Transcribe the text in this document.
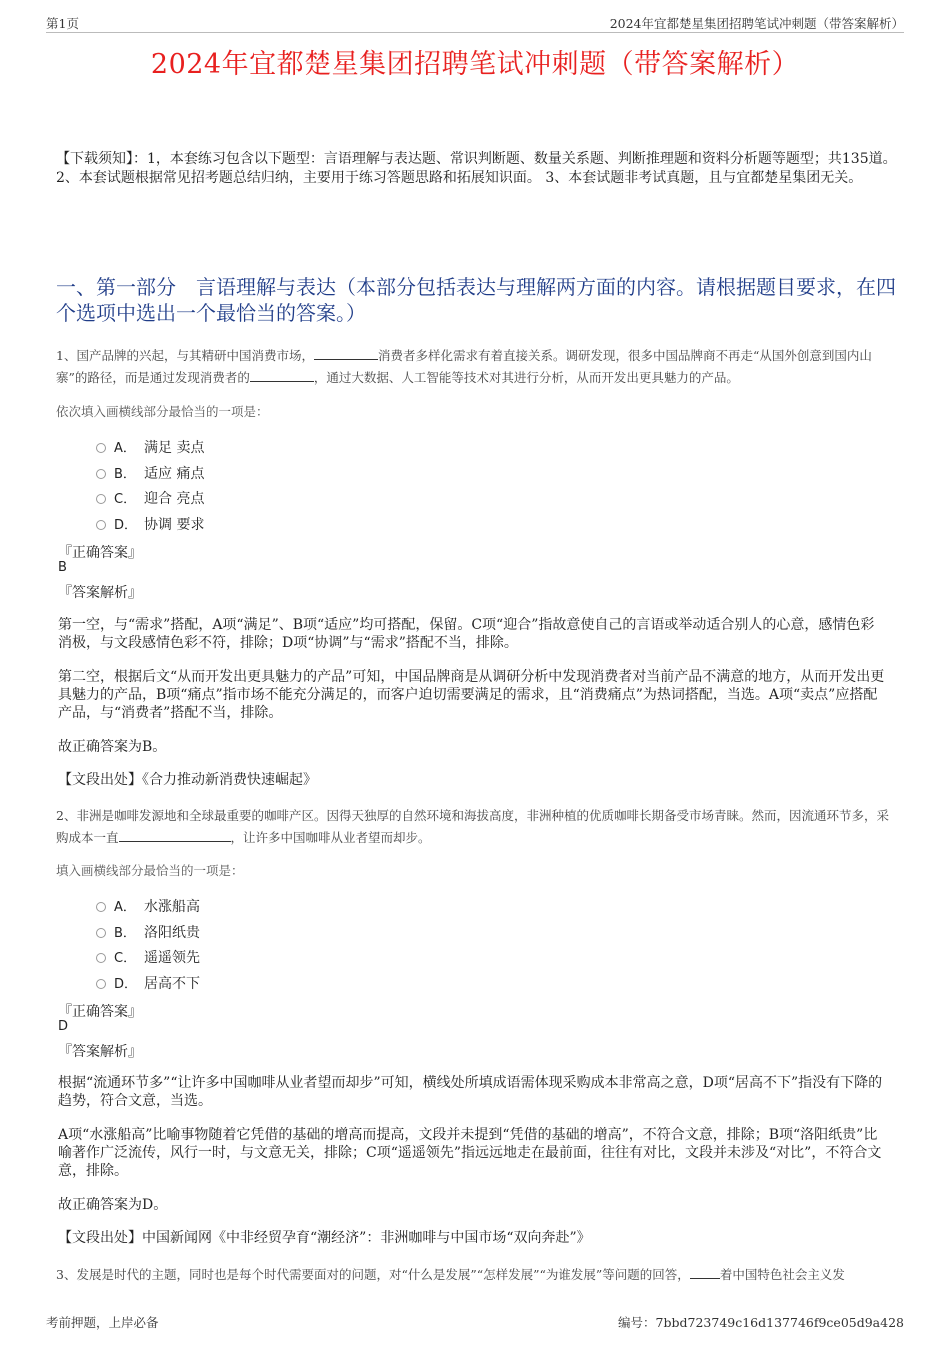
第1页	2024年宜都楚星集团招聘笔试冲刺题（带答案解析）
2024年宜都楚星集团招聘笔试冲刺题（带答案解析）
【下载须知】：1，本套练习包含以下题型：言语理解与表达题、常识判断题、数量关系题、判断推理题和资料分析题等题型；共135道。 2、本套试题根据常见招考题总结归纳，主要用于练习答题思路和拓展知识面。 3、本套试题非考试真题，且与宜都楚星集团无关。
一、第一部分　言语理解与表达（本部分包括表达与理解两方面的内容。请根据题目要求，在四个选项中选出一个最恰当的答案。）
1、国产品牌的兴起，与其精研中国消费市场，	消费者多样化需求有着直接关系。调研发现，很多中国品牌商不再走“从国外创意到国内山寨”的路径，而是通过发现消费者的	，通过大数据、人工智能等技术对其进行分析，从而开发出更具魅力的产品。
依次填入画横线部分最恰当的一项是：
A． 满足 卖点
B． 适应 痛点
C． 迎合 亮点
D． 协调 要求
『正确答案』
B
『答案解析』
第一空，与“需求”搭配，A项“满足”、B项“适应”均可搭配，保留。C项“迎合”指故意使自己的言语或举动适合别人的心意，感情色彩消极，与文段感情色彩不符，排除；D项“协调”与“需求”搭配不当，排除。
第二空，根据后文“从而开发出更具魅力的产品”可知，中国品牌商是从调研分析中发现消费者对当前产品不满意的地方，从而开发出更具魅力的产品，B项“痛点”指市场不能充分满足的，而客户迫切需要满足的需求，且“消费痛点”为热词搭配，当选。A项“卖点”应搭配产品，与“消费者”搭配不当，排除。
故正确答案为B。
【文段出处】《合力推动新消费快速崛起》
2、非洲是咖啡发源地和全球最重要的咖啡产区。因得天独厚的自然环境和海拔高度，非洲种植的优质咖啡长期备受市场青睐。然而，因流通环节多，采购成本一直	，让许多中国咖啡从业者望而却步。
填入画横线部分最恰当的一项是：
A． 水涨船高
B． 洛阳纸贵
C． 遥遥领先
D． 居高不下
『正确答案』
D
『答案解析』
根据“流通环节多”“让许多中国咖啡从业者望而却步”可知，横线处所填成语需体现采购成本非常高之意，D项“居高不下”指没有下降的趋势，符合文意，当选。
A项“水涨船高”比喻事物随着它凭借的基础的增高而提高，文段并未提到“凭借的基础的增高”，不符合文意，排除；B项“洛阳纸贵”比喻著作广泛流传，风行一时，与文意无关，排除；C项“遥遥领先”指远远地走在最前面，往往有对比，文段并未涉及“对比”，不符合文意，排除。
故正确答案为D。
【文段出处】中国新闻网《中非经贸孕育“潮经济”：非洲咖啡与中国市场“双向奔赴”》
3、发展是时代的主题，同时也是每个时代需要面对的问题，对“什么是发展”“怎样发展”“为谁发展”等问题的回答， 着中国特色社会主义发
考前押题，上岸必备	编号：7bbd723749c16d137746f9ce05d9a428
